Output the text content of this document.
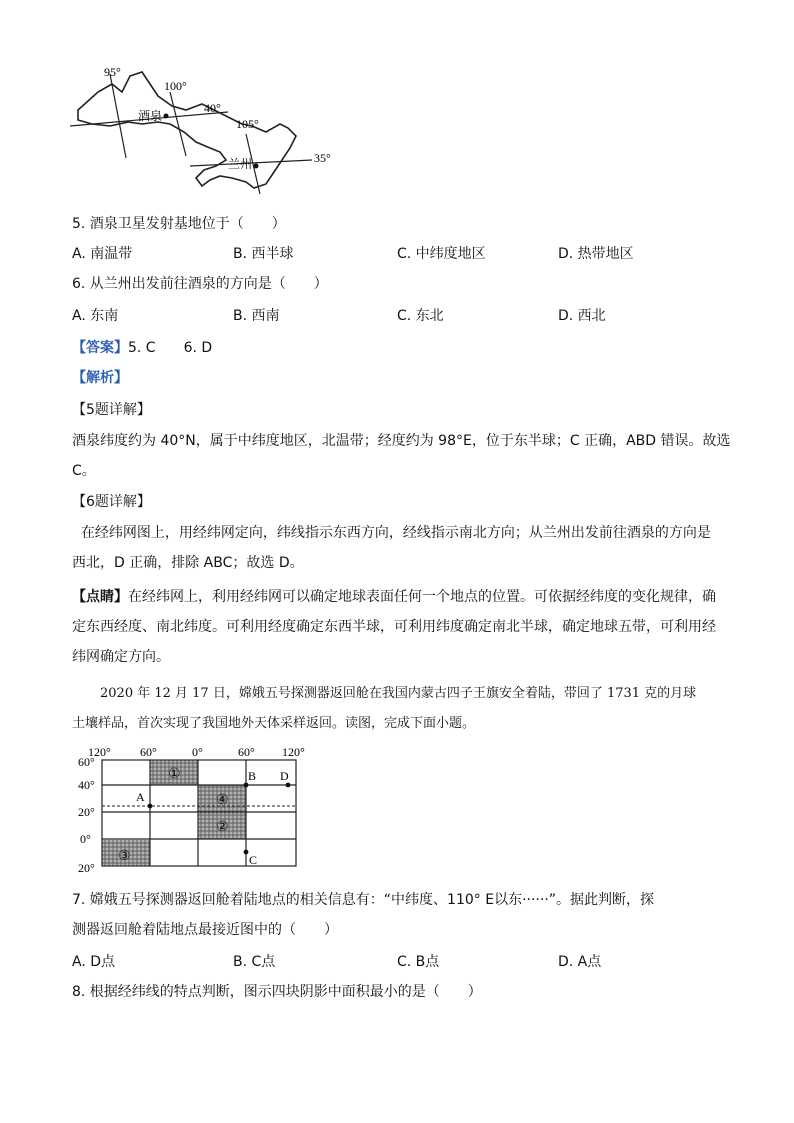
95°
100°
40°
105°
35°
酒泉
兰州
5. 酒泉卫星发射基地位于（　　）
A. 南温带	B. 西半球	C. 中纬度地区	D. 热带地区
6. 从兰州出发前往酒泉的方向是（　　）
A. 东南	B. 西南	C. 东北	D. 西北
【答案】5. C　　6. D
【解析】
【5题详解】
酒泉纬度约为 40°N，属于中纬度地区，北温带；经度约为 98°E，位于东半球；C 正确，ABD 错误。故选
C。
【6题详解】
在经纬网图上，用经纬网定向，纬线指示东西方向，经线指示南北方向；从兰州出发前往酒泉的方向是
西北，D 正确，排除 ABC；故选 D。
【点睛】在经纬网上，利用经纬网可以确定地球表面任何一个地点的位置。可依据经纬度的变化规律，确
定东西经度、南北纬度。可利用经度确定东西半球，可利用纬度确定南北半球，确定地球五带，可利用经
纬网确定方向。
2020 年 12 月 17 日，嫦娥五号探测器返回舱在我国内蒙古四子王旗安全着陆，带回了 1731 克的月球
土壤样品，首次实现了我国地外天体采样返回。读图，完成下面小题。
120° 60°	0°	60° 120°
60°
40°
20°
0°
20°
A
B D
C
①
④
②
③
7. 嫦娥五号探测器返回舱着陆地点的相关信息有：“中纬度、110° E以东······”。据此判断，探
测器返回舱着陆地点最接近图中的（　　）
A. D点	B. C点	C. B点	D. A点
8. 根据经纬线的特点判断，图示四块阴影中面积最小的是（　　）
